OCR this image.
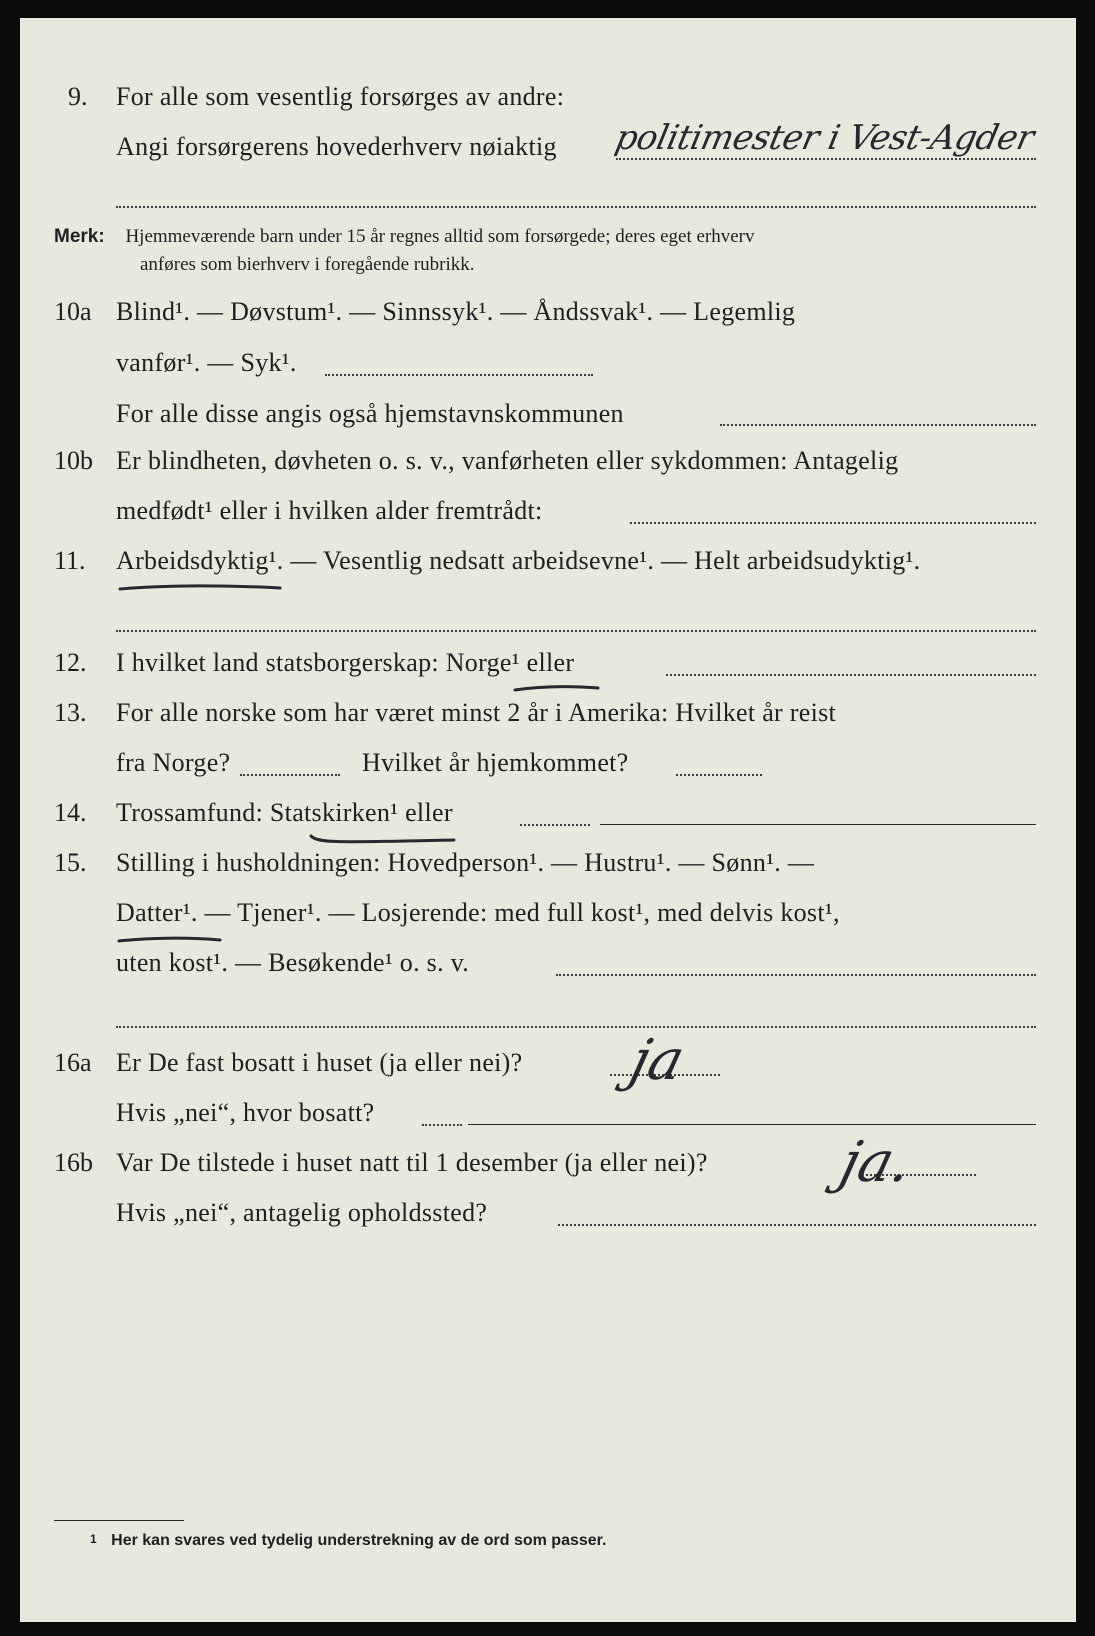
9. For alle som vesentlig forsørges av andre:
Angi forsørgerens hovederhverv nøiaktig politimester i Vest-Agder
Merk: Hjemmeværende barn under 15 år regnes alltid som forsørgede; deres eget erhverv
anføres som bierhverv i foregående rubrikk.
10a Blind¹. — Døvstum¹. — Sinnssyk¹. — Åndssvak¹. — Legemlig
vanfør¹. — Syk¹.
For alle disse angis også hjemstavnskommunen
10b Er blindheten, døvheten o. s. v., vanførheten eller sykdommen: Antagelig
medfødt¹ eller i hvilken alder fremtrådt:
11. Arbeidsdyktig¹. — Vesentlig nedsatt arbeidsevne¹. — Helt arbeidsudyktig¹.
12. I hvilket land statsborgerskap: Norge¹ eller
13. For alle norske som har været minst 2 år i Amerika: Hvilket år reist
fra Norge?	Hvilket år hjemkommet?
14. Trossamfund: Statskirken¹ eller
15. Stilling i husholdningen: Hovedperson¹. — Hustru¹. — Sønn¹. —
Datter¹. — Tjener¹. — Losjerende: med full kost¹, med delvis kost¹,
uten kost¹. — Besøkende¹ o. s. v.
16a Er De fast bosatt i huset (ja eller nei)? ja
Hvis „nei“, hvor bosatt?
16b Var De tilstede i huset natt til 1 desember (ja eller nei)? ja.
Hvis „nei“, antagelig opholdssted?
$^1$ Her kan svares ved tydelig understrekning av de ord som passer.
